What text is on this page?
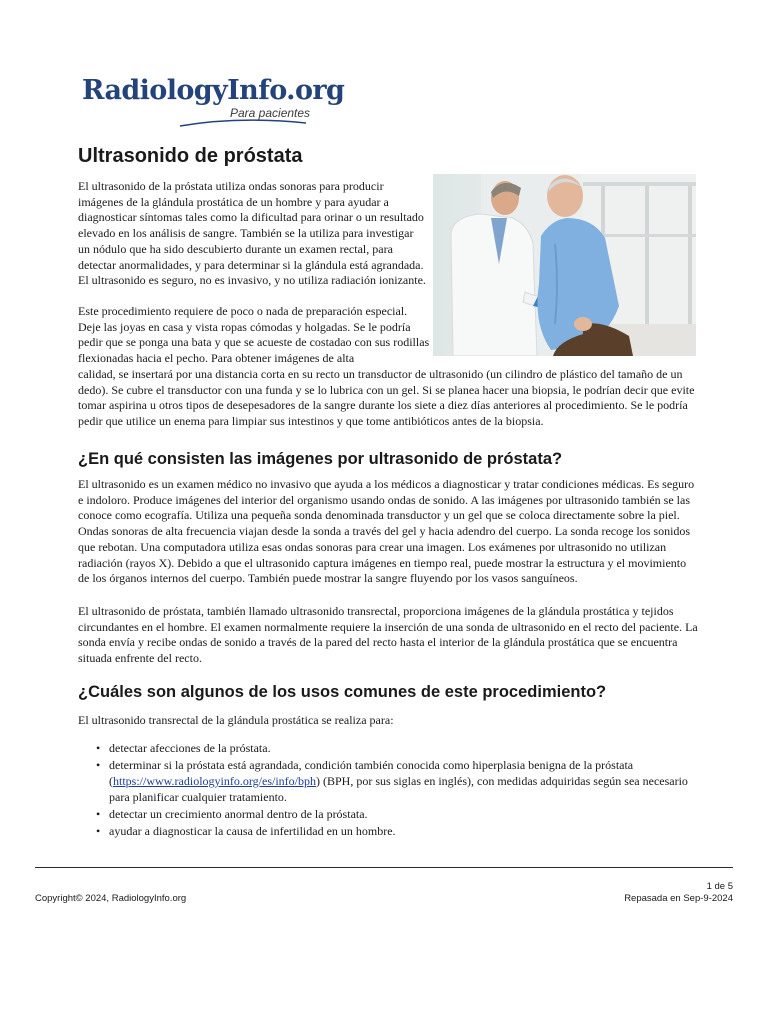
RadiologyInfo.org
Para pacientes
Ultrasonido de próstata

El ultrasonido de la próstata utiliza ondas sonoras para producir imágenes de la glándula prostática de un hombre y para ayudar a diagnosticar síntomas tales como la dificultad para orinar o un resultado elevado en los análisis de sangre. También se la utiliza para investigar un nódulo que ha sido descubierto durante un examen rectal, para detectar anormalidades, y para determinar si la glándula está agrandada. El ultrasonido es seguro, no es invasivo, y no utiliza radiación ionizante.

Este procedimiento requiere de poco o nada de preparación especial. Deje las joyas en casa y vista ropas cómodas y holgadas. Se le podría pedir que se ponga una bata y que se acueste de costadao con sus rodillas flexionadas hacia el pecho. Para obtener imágenes de alta
calidad, se insertará por una distancia corta en su recto un transductor de ultrasonido (un cilindro de plástico del tamaño de un dedo). Se cubre el transductor con una funda y se lo lubrica con un gel. Si se planea hacer una biopsia, le podrían decir que evite tomar aspirina u otros tipos de desepesadores de la sangre durante los siete a diez días anteriores al procedimiento. Se le podría pedir que utilice un enema para limpiar sus intestinos y que tome antibióticos antes de la biopsia.

¿En qué consisten las imágenes por ultrasonido de próstata?

El ultrasonido es un examen médico no invasivo que ayuda a los médicos a diagnosticar y tratar condiciones médicas. Es seguro e indoloro. Produce imágenes del interior del organismo usando ondas de sonido. A las imágenes por ultrasonido también se las conoce como ecografía. Utiliza una pequeña sonda denominada transductor y un gel que se coloca directamente sobre la piel. Ondas sonoras de alta frecuencia viajan desde la sonda a través del gel y hacia adendro del cuerpo. La sonda recoge los sonidos que rebotan. Una computadora utiliza esas ondas sonoras para crear una imagen. Los exámenes por ultrasonido no utilizan radiación (rayos X). Debido a que el ultrasonido captura imágenes en tiempo real, puede mostrar la estructura y el movimiento de los órganos internos del cuerpo. También puede mostrar la sangre fluyendo por los vasos sanguíneos.

El ultrasonido de próstata, también llamado ultrasonido transrectal, proporciona imágenes de la glándula prostática y tejidos circundantes en el hombre. El examen normalmente requiere la inserción de una sonda de ultrasonido en el recto del paciente. La sonda envía y recibe ondas de sonido a través de la pared del recto hasta el interior de la glándula prostática que se encuentra situada enfrente del recto.

¿Cuáles son algunos de los usos comunes de este procedimiento?

El ultrasonido transrectal de la glándula prostática se realiza para:

• detectar afecciones de la próstata.
• determinar si la próstata está agrandada, condición también conocida como hiperplasia benigna de la próstata (https://www.radiologyinfo.org/es/info/bph) (BPH, por sus siglas en inglés), con medidas adquiridas según sea necesario para planificar cualquier tratamiento.
• detectar un crecimiento anormal dentro de la próstata.
• ayudar a diagnosticar la causa de infertilidad en un hombre.
Copyright© 2024, RadiologyInfo.org
1 de 5
Repasada en Sep-9-2024
